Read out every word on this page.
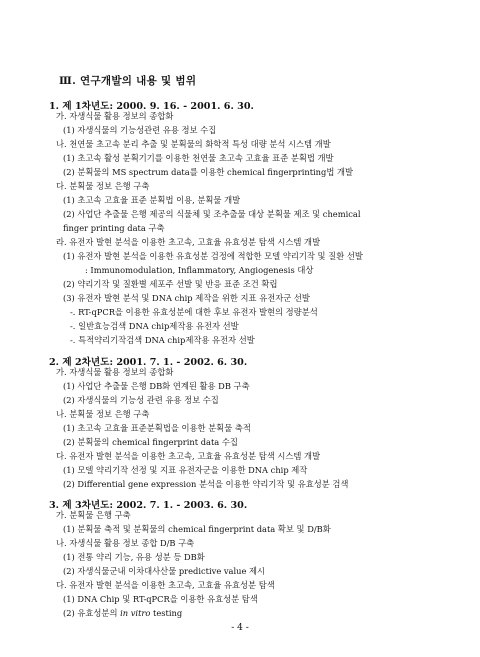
Ⅲ. 연구개발의 내용 및 범위
1. 제 1차년도: 2000. 9. 16. - 2001. 6. 30.
가. 자생식물 활용 정보의 종합화
(1) 자생식물의 기능성관련 유용 정보 수집
나. 천연물 초고속 분리 추출 및 분획물의 화학적 특성 대량 분석 시스템 개발
(1) 초고속 활성 분획기기를 이용한 천연물 초고속 고효율 표준 분획법 개발
(2) 분획물의 MS spectrum data를 이용한 chemical fingerprinting법 개발
다. 분획물 정보 은행 구축
(1) 초고속 고효율 표준 분획법 이용, 분획물 개발
(2) 사업단 추출물 은행 제공의 식물체 및 조추출물 대상 분획물 제조 및 chemical
finger printing data 구축
라. 유전자 발현 분석을 이용한 초고속, 고효율 유효성분 탐색 시스템 개발
(1) 유전자 발현 분석을 이용한 유효성분 검정에 적합한 모델 약리기작 및 질환 선발
: Immunomodulation, Inflammatory, Angiogenesis 대상
(2) 약리기작 및 질환별 세포주 선발 및 반응 표준 조건 확립
(3) 유전자 발현 분석 및 DNA chip 제작을 위한 지표 유전자군 선발
-. RT-qPCR을 이용한 유효성분에 대한 후보 유전자 발현의 정량분석
-. 일반효능검색 DNA chip제작용 유전자 선발
-. 특적약리기작검색 DNA chip제작용 유전자 선발
2. 제 2차년도: 2001. 7. 1. - 2002. 6. 30.
가. 자생식물 활용 정보의 종합화
(1) 사업단 추출물 은행 DB화 연계된 활용 DB 구축
(2) 자생식물의 기능성 관련 유용 정보 수집
나. 분획물 정보 은행 구축
(1) 초고속 고효율 표준분획법을 이용한 분획물 축적
(2) 분획물의 chemical fingerprint data 수집
다. 유전자 발현 분석을 이용한 초고속, 고효율 유효성분 탐색 시스템 개발
(1) 모델 약리기작 선정 및 지표 유전자군을 이용한 DNA chip 제작
(2) Differential gene expression 분석을 이용한 약리기작 및 유효성분 검색
3. 제 3차년도: 2002. 7. 1. - 2003. 6. 30.
가. 분획물 은행 구축
(1) 분획물 축적 및 분획물의 chemical fingerprint data 확보 및 D/B화
나. 자생식물 활용 정보 종합 D/B 구축
(1) 전통 약리 기능, 유용 성분 등 DB화
(2) 자생식물군내 이차대사산물 predictive value 제시
다. 유전자 발현 분석을 이용한 초고속, 고효율 유효성분 탐색
(1) DNA Chip 및 RT-qPCR을 이용한 유효성분 탐색
(2) 유효성분의 in vitro testing
- 4 -
